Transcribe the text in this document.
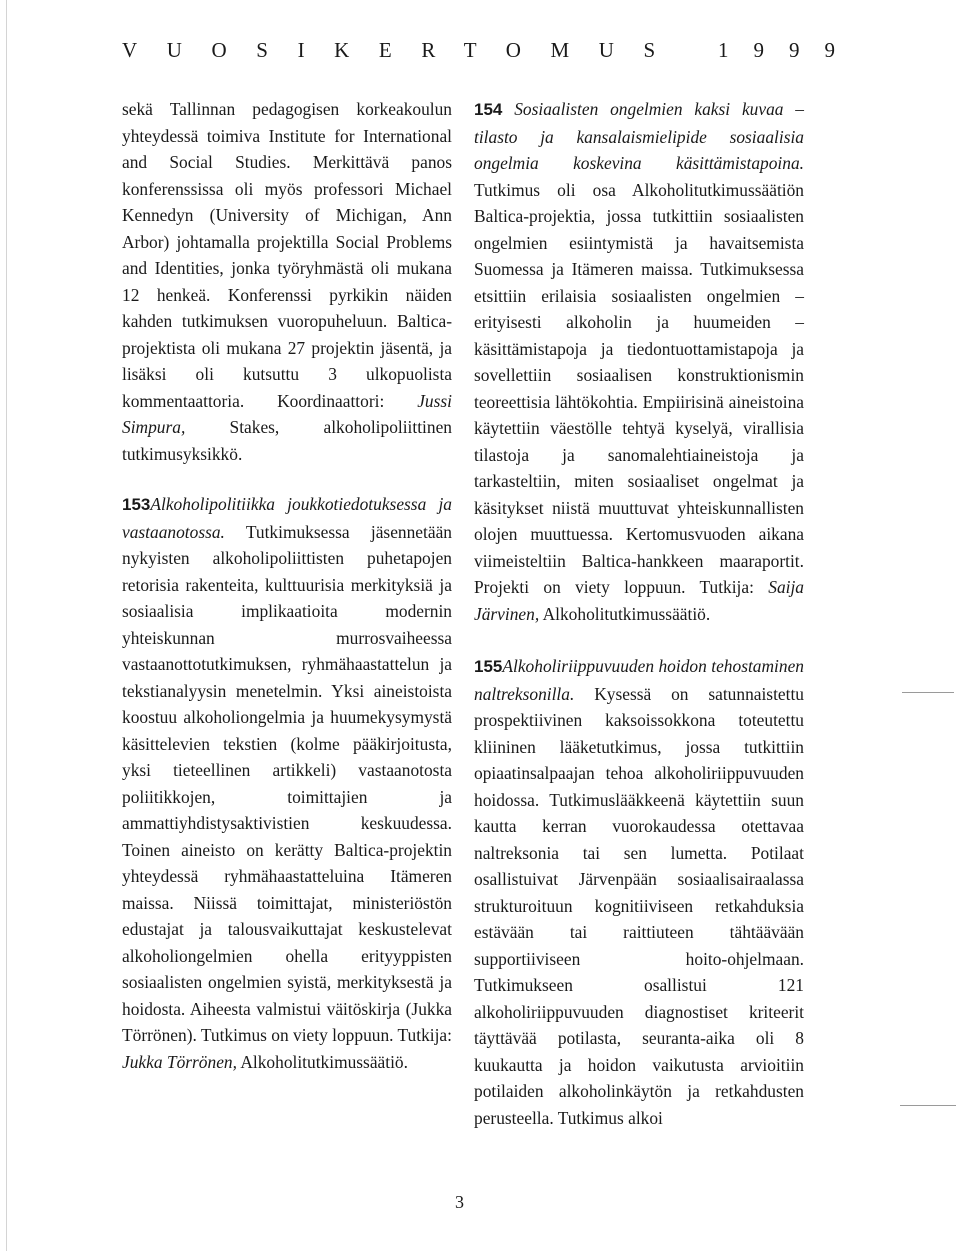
VUOSIKERTOMUS 1999

sekä Tallinnan pedagogisen korkeakoulun yhteydessä toimiva Institute for International and Social Studies. Merkittävä panos konferenssissa oli myös professori Michael Kennedyn (University of Michigan, Ann Arbor) johtamalla projektilla Social Problems and Identities, jonka työryhmästä oli mukana 12 henkeä. Konferenssi pyrkikin näiden kahden tutkimuksen vuoropuheluun. Baltica-projektista oli mukana 27 projektin jäsentä, ja lisäksi oli kutsuttu 3 ulkopuolista kommentaattoria. Koordinaattori: Jussi Simpura,	Stakes, alkoholipoliittinen tutkimusyksikkö.

153Alkoholipolitiikka joukkotiedotuksessa ja vastaanotossa. Tutkimuksessa jäsennetään nykyisten alkoholipoliittisten puhetapojen retorisia rakenteita, kulttuurisia merkityksiä ja sosiaalisia implikaatioita modernin yhteiskunnan murrosvaiheessa vastaanottotutkimuksen, ryhmähaastattelun ja tekstianalyysin menetelmin. Yksi aineistoista koostuu alkoholiongelmia ja huumekysymystä käsittelevien tekstien (kolme pääkirjoitusta, yksi tieteellinen artikkeli) vastaanotosta poliitikkojen, toimittajien ja ammattiyhdistysaktivistien keskuudessa. Toinen aineisto on kerätty Baltica-projektin yhteydessä ryhmähaastatteluina Itämeren maissa. Niissä toimittajat, ministeriöstön edustajat ja talousvaikuttajat keskustelevat alkoholiongelmien ohella erityyppisten sosiaalisten ongelmien syistä, merkityksestä ja hoidosta. Aiheesta valmistui väitöskirja (Jukka Törrönen). Tutkimus on viety loppuun. Tutkija: Jukka Törrönen, Alkoholitutkimussäätiö.

154 Sosiaalisten ongelmien kaksi kuvaa – tilasto ja kansalaismielipide sosiaalisia ongelmia koskevina käsittämistapoina. Tutkimus oli osa Alkoholitutkimussäätiön Baltica-projektia, jossa tutkittiin sosiaalisten ongelmien esiintymistä ja havaitsemista Suomessa ja Itämeren maissa. Tutkimuksessa etsittiin erilaisia sosiaalisten ongelmien – erityisesti alkoholin ja huumeiden – käsittämistapoja ja tiedontuottamistapoja ja sovellettiin sosiaalisen konstruktionismin teoreettisia lähtökohtia. Empiirisinä aineistoina käytettiin väestölle tehtyä kyselyä, virallisia tilastoja ja sanomalehtiaineistoja ja tarkasteltiin, miten sosiaaliset ongelmat ja käsitykset niistä muuttuvat yhteiskunnallisten olojen muuttuessa. Kertomusvuoden aikana viimeisteltiin Baltica-hankkeen maaraportit. Projekti on viety loppuun. Tutkija: Saija Järvinen, Alkoholitutkimussäätiö.

155Alkoholiriippuvuuden hoidon tehostaminen naltreksonilla. Kysessä on satunnaistettu prospektiivinen kaksoissokkona toteutettu kliininen lääketutkimus, jossa tutkittiin opiaatinsalpaajan tehoa alkoholiriippuvuuden hoidossa. Tutkimuslääkkeenä käytettiin suun kautta kerran vuorokaudessa otettavaa naltreksonia tai sen lumetta. Potilaat osallistuivat Järvenpään sosiaalisairaalassa strukturoituun kognitiiviseen retkahduksia estävään tai raittiuteen tähtäävään supportiiviseen hoito-ohjelmaan. Tutkimukseen osallistui 121 alkoholiriippuvuuden diagnostiset kriteerit täyttävää potilasta, seuranta-aika oli 8 kuukautta ja hoidon vaikutusta arvioitiin potilaiden alkoholinkäytön ja retkahdusten perusteella. Tutkimus alkoi

3
